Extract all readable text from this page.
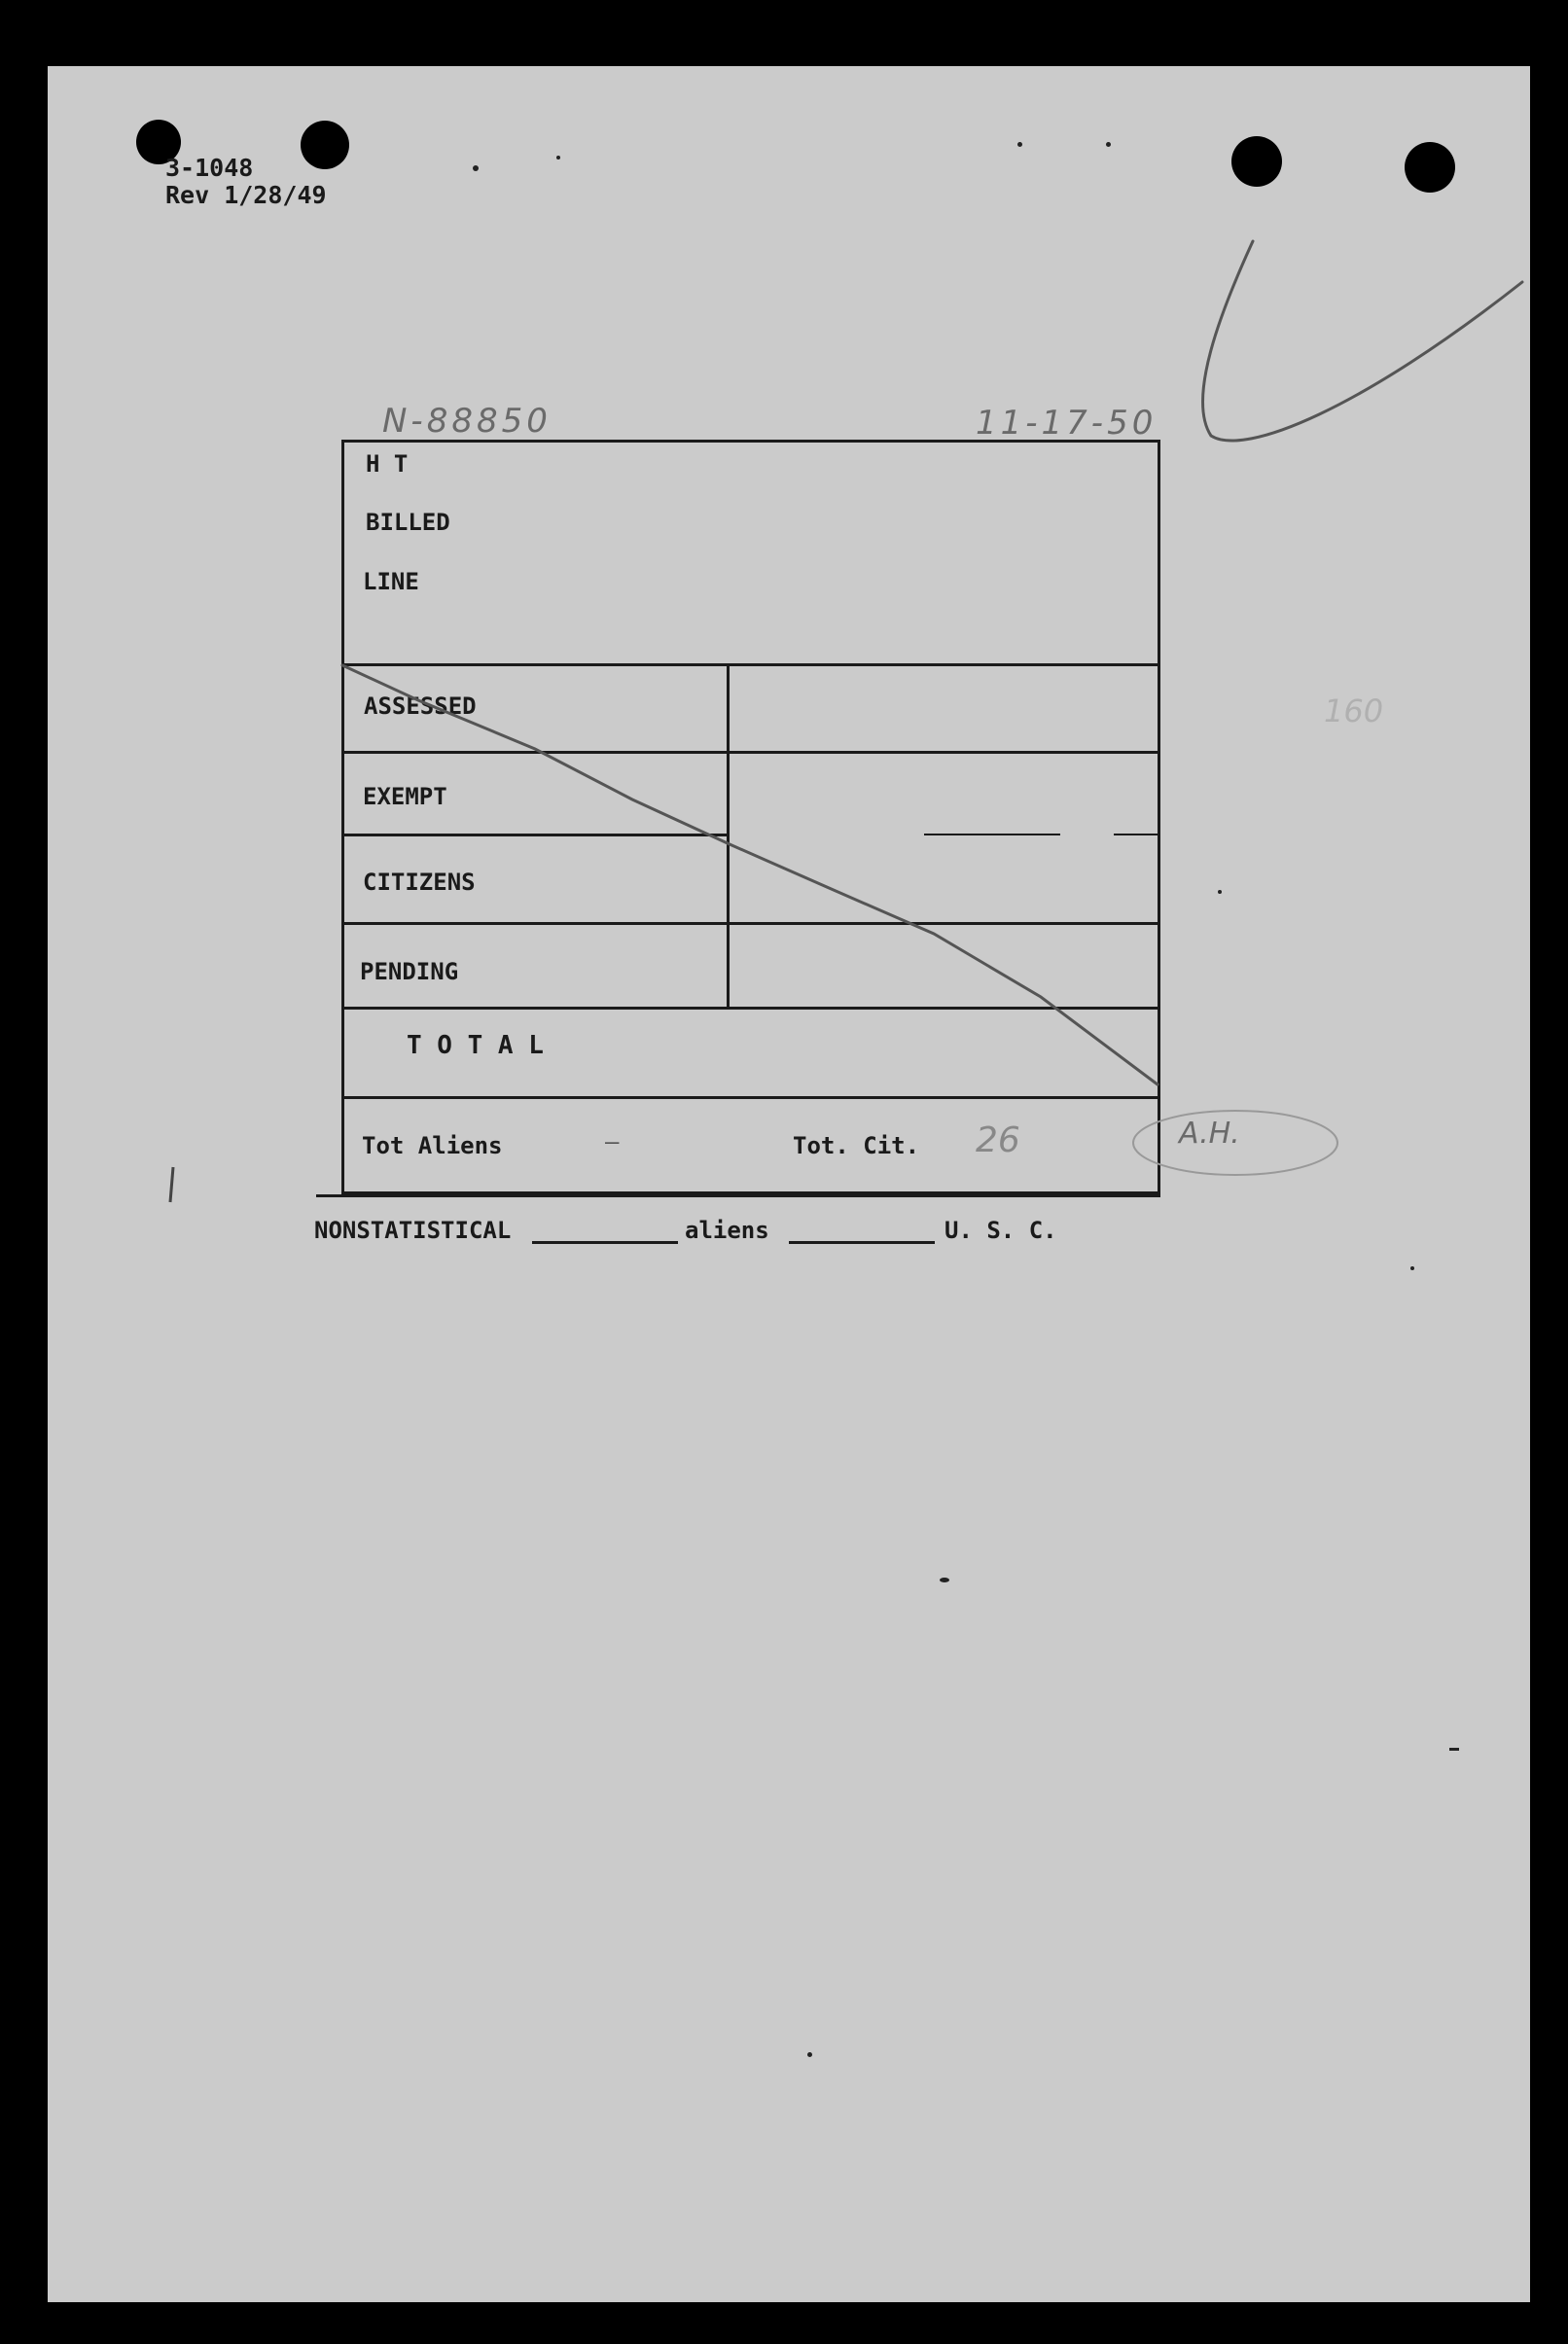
3-1048
Rev 1/28/49
N-88850	11-17-50
160
H T
BILLED
LINE
ASSESSED
EXEMPT
CITIZENS
PENDING
T O T A L
Tot Aliens	—	Tot. Cit. 26	A.H.
NONSTATISTICAL	aliens	U. S. C.
